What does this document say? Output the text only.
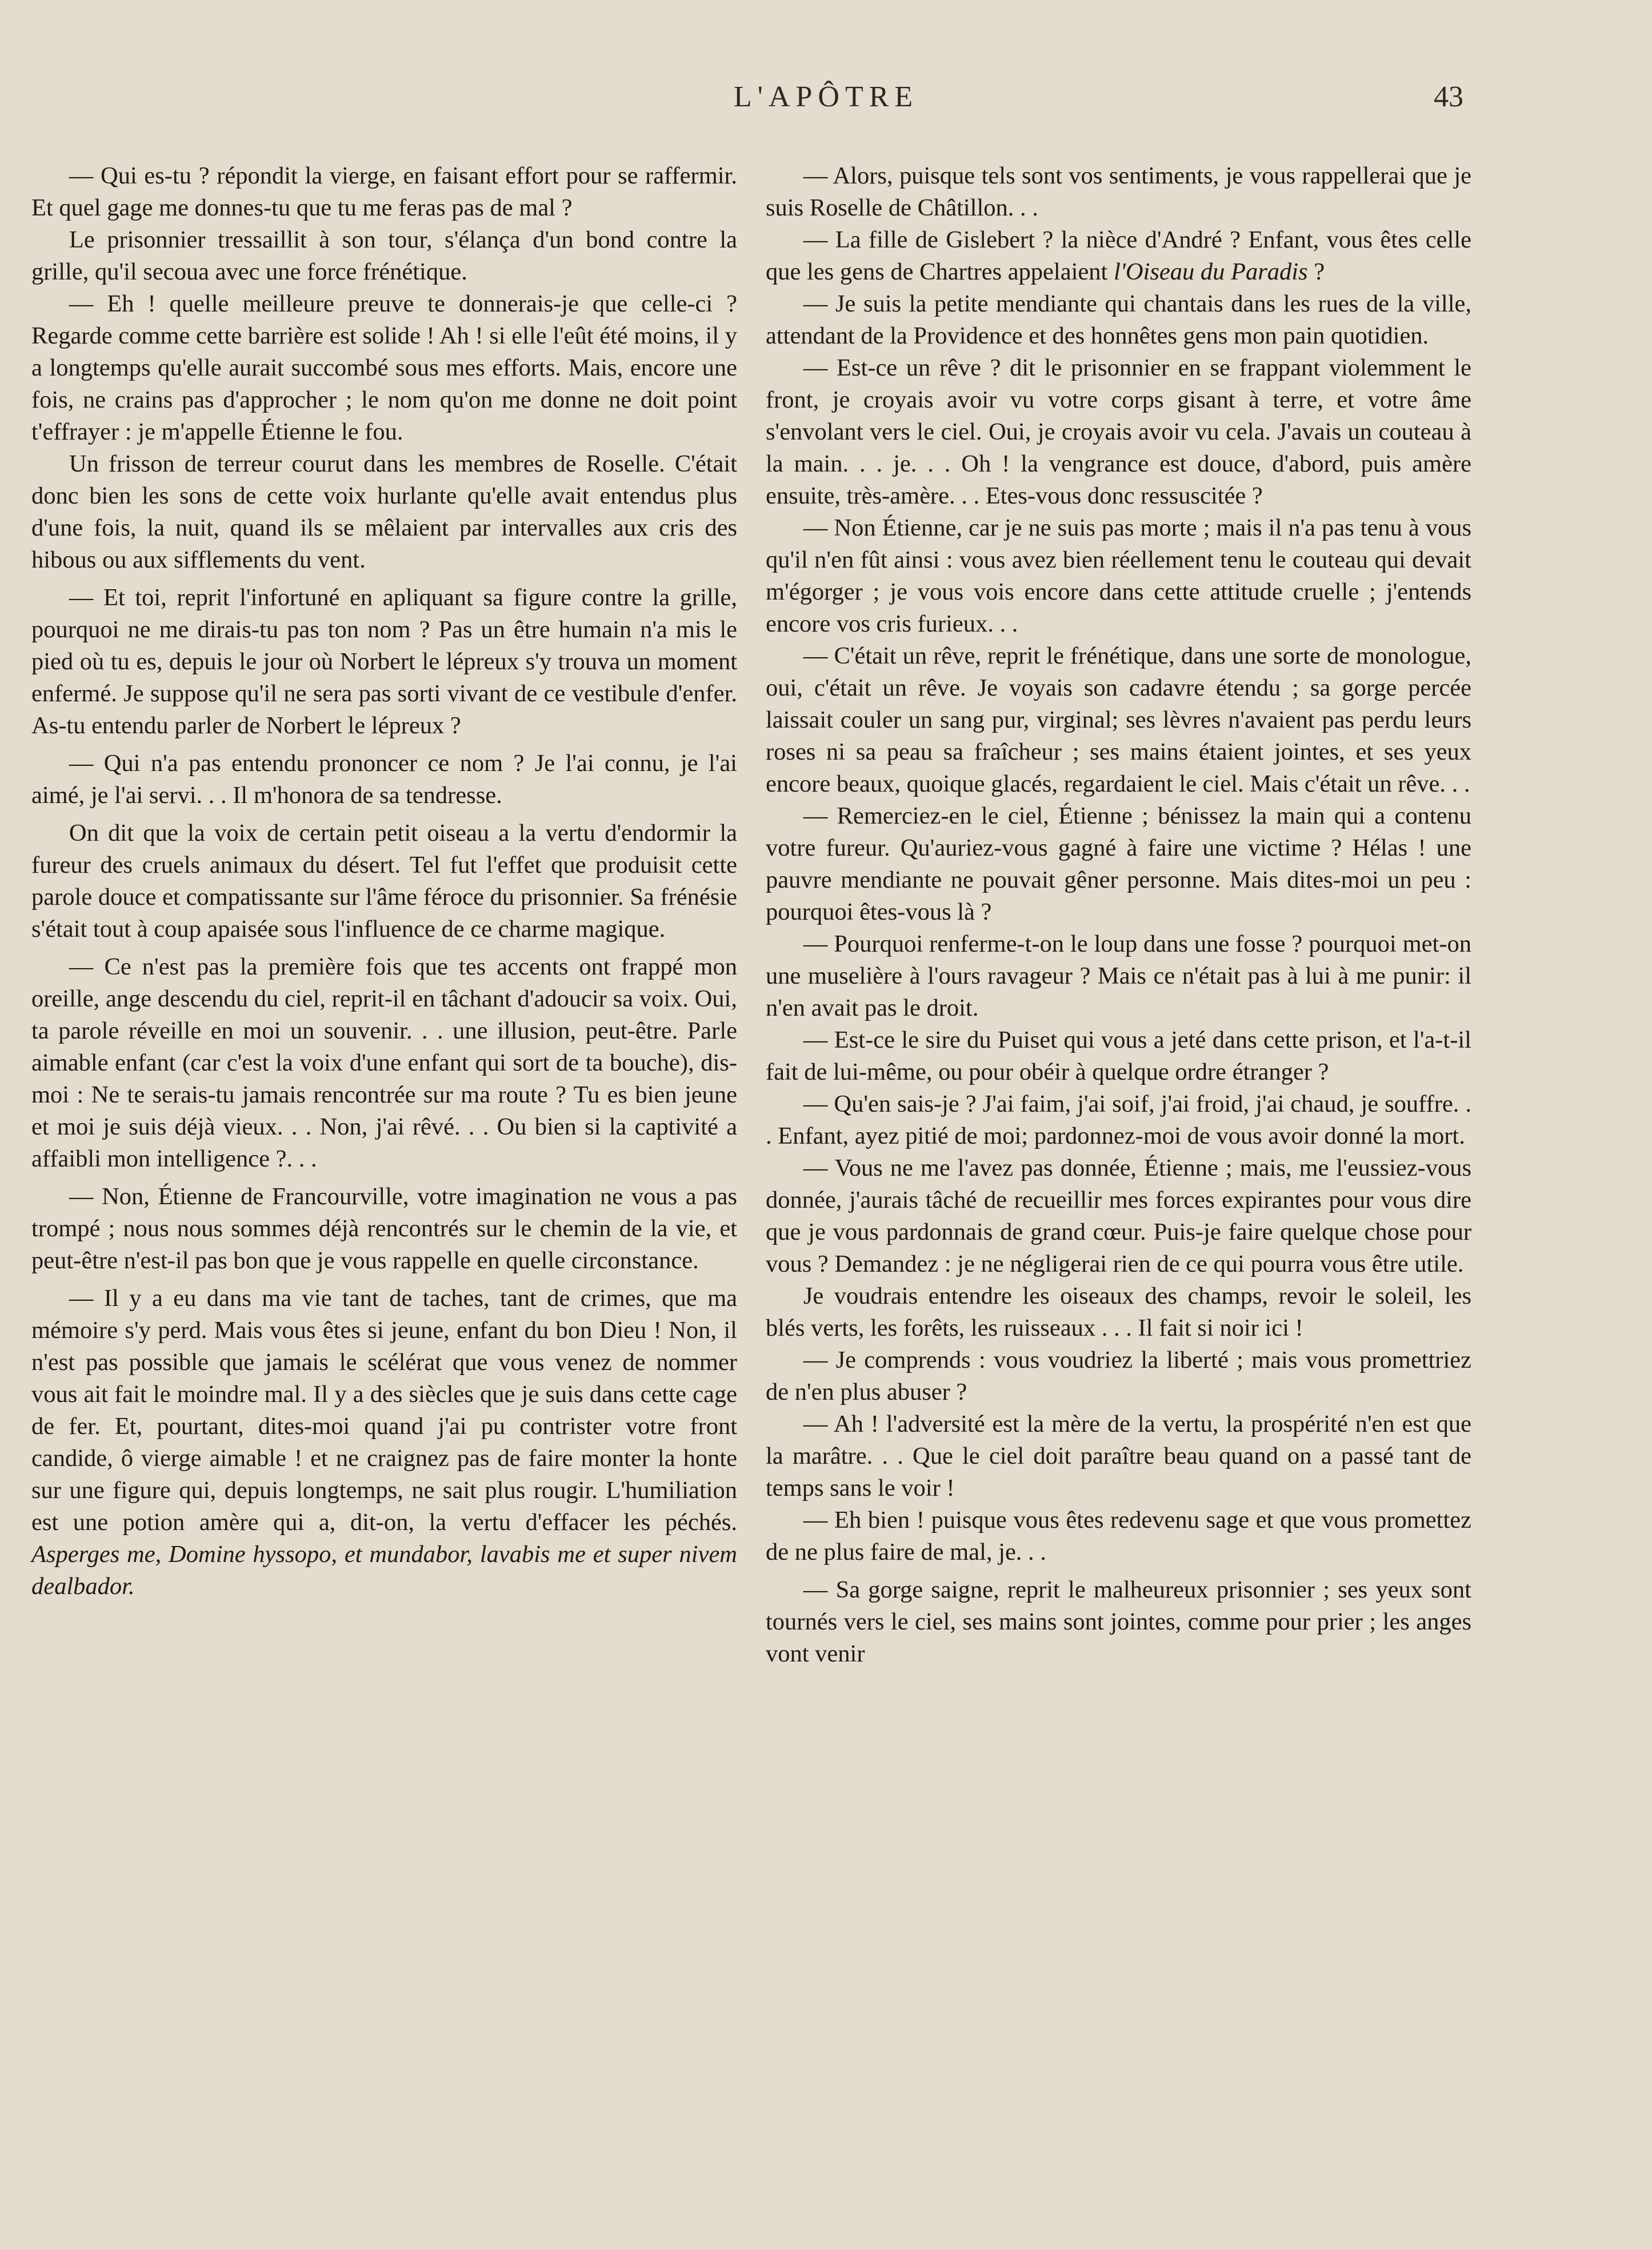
L'APÔTRE	43

— Qui es-tu ? répondit la vierge, en faisant effort pour se raffermir. Et quel gage me donnes-tu que tu me feras pas de mal ?

Le prisonnier tressaillit à son tour, s'élança d'un bond contre la grille, qu'il secoua avec une force frénétique.

— Eh ! quelle meilleure preuve te donnerais-je que celle-ci ? Regarde comme cette barrière est solide ! Ah ! si elle l'eût été moins, il y a longtemps qu'elle aurait succombé sous mes efforts. Mais, encore une fois, ne crains pas d'approcher ; le nom qu'on me donne ne doit point t'effrayer : je m'appelle Étienne le fou.

Un frisson de terreur courut dans les membres de Roselle. C'était donc bien les sons de cette voix hurlante qu'elle avait entendus plus d'une fois, la nuit, quand ils se mêlaient par intervalles aux cris des hibous ou aux sifflements du vent.

— Et toi, reprit l'infortuné en apliquant sa figure contre la grille, pourquoi ne me dirais-tu pas ton nom ? Pas un être humain n'a mis le pied où tu es, depuis le jour où Norbert le lépreux s'y trouva un moment enfermé. Je suppose qu'il ne sera pas sorti vivant de ce vestibule d'enfer. As-tu entendu parler de Norbert le lépreux ?

— Qui n'a pas entendu prononcer ce nom ? Je l'ai connu, je l'ai aimé, je l'ai servi. . . Il m'honora de sa tendresse.

On dit que la voix de certain petit oiseau a la vertu d'endormir la fureur des cruels animaux du désert. Tel fut l'effet que produisit cette parole douce et compatissante sur l'âme féroce du prisonnier. Sa frénésie s'était tout à coup apaisée sous l'influence de ce charme magique.

— Ce n'est pas la première fois que tes accents ont frappé mon oreille, ange descendu du ciel, reprit-il en tâchant d'adoucir sa voix. Oui, ta parole réveille en moi un souvenir. . . une illusion, peut-être. Parle aimable enfant (car c'est la voix d'une enfant qui sort de ta bouche), dis-moi : Ne te serais-tu jamais rencontrée sur ma route ? Tu es bien jeune et moi je suis déjà vieux. . . Non, j'ai rêvé. . . Ou bien si la captivité a affaibli mon intelligence ?. . .

— Non, Étienne de Francourville, votre imagination ne vous a pas trompé ; nous nous sommes déjà rencontrés sur le chemin de la vie, et peut-être n'est-il pas bon que je vous rappelle en quelle circonstance.

— Il y a eu dans ma vie tant de taches, tant de crimes, que ma mémoire s'y perd. Mais vous êtes si jeune, enfant du bon Dieu ! Non, il n'est pas possible que jamais le scélérat que vous venez de nommer vous ait fait le moindre mal. Il y a des siècles que je suis dans cette cage de fer. Et, pourtant, dites-moi quand j'ai pu contrister votre front candide, ô vierge aimable ! et ne craignez pas de faire monter la honte sur une figure qui, depuis longtemps, ne sait plus rougir. L'humiliation est une potion amère qui a, dit-on, la vertu d'effacer les péchés. Asperges me, Domine hyssopo, et mundabor, lavabis me et super nivem dealbador.

— Alors, puisque tels sont vos sentiments, je vous rappellerai que je suis Roselle de Châtillon. . .

— La fille de Gislebert ? la nièce d'André ? Enfant, vous êtes celle que les gens de Chartres appelaient l'Oiseau du Paradis ?

— Je suis la petite mendiante qui chantais dans les rues de la ville, attendant de la Providence et des honnêtes gens mon pain quotidien.

— Est-ce un rêve ? dit le prisonnier en se frappant violemment le front, je croyais avoir vu votre corps gisant à terre, et votre âme s'envolant vers le ciel. Oui, je croyais avoir vu cela. J'avais un couteau à la main. . . je. . . Oh ! la vengrance est douce, d'abord, puis amère ensuite, très-amère. . . Etes-vous donc ressuscitée ?

— Non Étienne, car je ne suis pas morte ; mais il n'a pas tenu à vous qu'il n'en fût ainsi : vous avez bien réellement tenu le couteau qui devait m'égorger ; je vous vois encore dans cette attitude cruelle ; j'entends encore vos cris furieux. . .

— C'était un rêve, reprit le frénétique, dans une sorte de monologue, oui, c'était un rêve. Je voyais son cadavre étendu ; sa gorge percée laissait couler un sang pur, virginal; ses lèvres n'avaient pas perdu leurs roses ni sa peau sa fraîcheur ; ses mains étaient jointes, et ses yeux encore beaux, quoique glacés, regardaient le ciel. Mais c'était un rêve. . .

— Remerciez-en le ciel, Étienne ; bénissez la main qui a contenu votre fureur. Qu'auriez-vous gagné à faire une victime ? Hélas ! une pauvre mendiante ne pouvait gêner personne. Mais dites-moi un peu : pourquoi êtes-vous là ?

— Pourquoi renferme-t-on le loup dans une fosse ? pourquoi met-on une muselière à l'ours ravageur ? Mais ce n'était pas à lui à me punir: il n'en avait pas le droit.

— Est-ce le sire du Puiset qui vous a jeté dans cette prison, et l'a-t-il fait de lui-même, ou pour obéir à quelque ordre étranger ?

— Qu'en sais-je ? J'ai faim, j'ai soif, j'ai froid, j'ai chaud, je souffre. . . Enfant, ayez pitié de moi; pardonnez-moi de vous avoir donné la mort.

— Vous ne me l'avez pas donnée, Étienne ; mais, me l'eussiez-vous donnée, j'aurais tâché de recueillir mes forces expirantes pour vous dire que je vous pardonnais de grand cœur. Puis-je faire quelque chose pour vous ? Demandez : je ne négligerai rien de ce qui pourra vous être utile.

Je voudrais entendre les oiseaux des champs, revoir le soleil, les blés verts, les forêts, les ruisseaux . . . Il fait si noir ici !

— Je comprends : vous voudriez la liberté ; mais vous promettriez de n'en plus abuser ?

— Ah ! l'adversité est la mère de la vertu, la prospérité n'en est que la marâtre. . . Que le ciel doit paraître beau quand on a passé tant de temps sans le voir !

— Eh bien ! puisque vous êtes redevenu sage et que vous promettez de ne plus faire de mal, je. . .

— Sa gorge saigne, reprit le malheureux prisonnier ; ses yeux sont tournés vers le ciel, ses mains sont jointes, comme pour prier ; les anges vont venir
